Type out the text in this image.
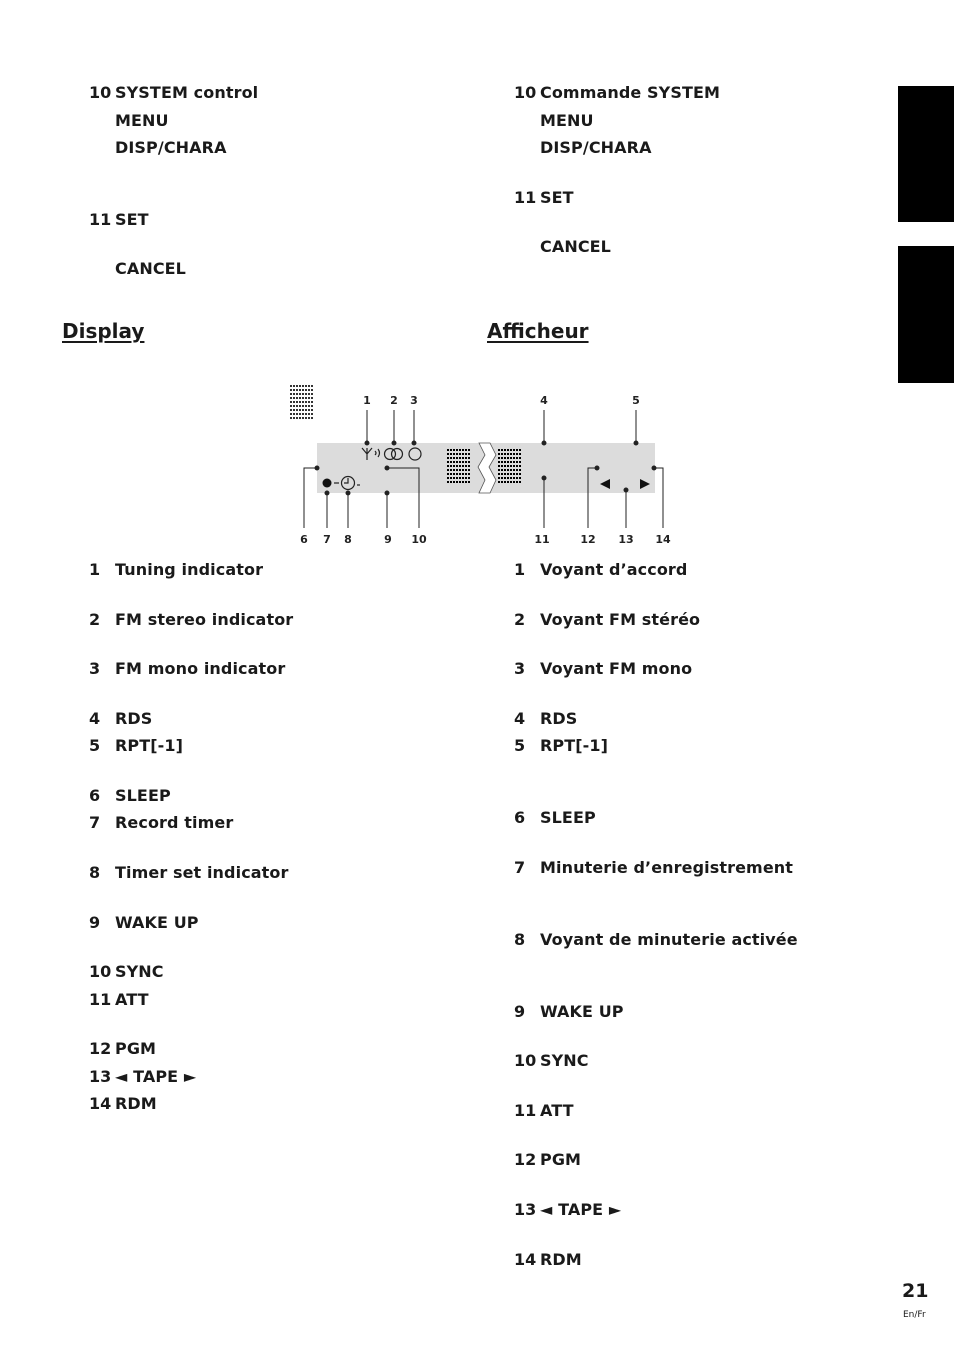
10 SYSTEM control
MENU
DISP/CHARA
11 SET
CANCEL
10 Commande SYSTEM
MENU
DISP/CHARA
11 SET
CANCEL
Display	Afficheur
1 2 3	4	5
6 7 8	9 10	11	12 13 14
1 Tuning indicator
2 FM stereo indicator
3 FM mono indicator
4 RDS
5 RPT[-1]
6 SLEEP
7 Record timer
8 Timer set indicator
9 WAKE UP
10 SYNC
11 ATT
12 PGM
13 ◄ TAPE ►
14 RDM
1 Voyant d’accord
2 Voyant FM stéréo
3 Voyant FM mono
4 RDS
5 RPT[-1]
6 SLEEP
7 Minuterie d’enregistrement
8 Voyant de minuterie activée
9 WAKE UP
10 SYNC
11 ATT
12 PGM
13 ◄ TAPE ►
14 RDM
21
En/Fr
